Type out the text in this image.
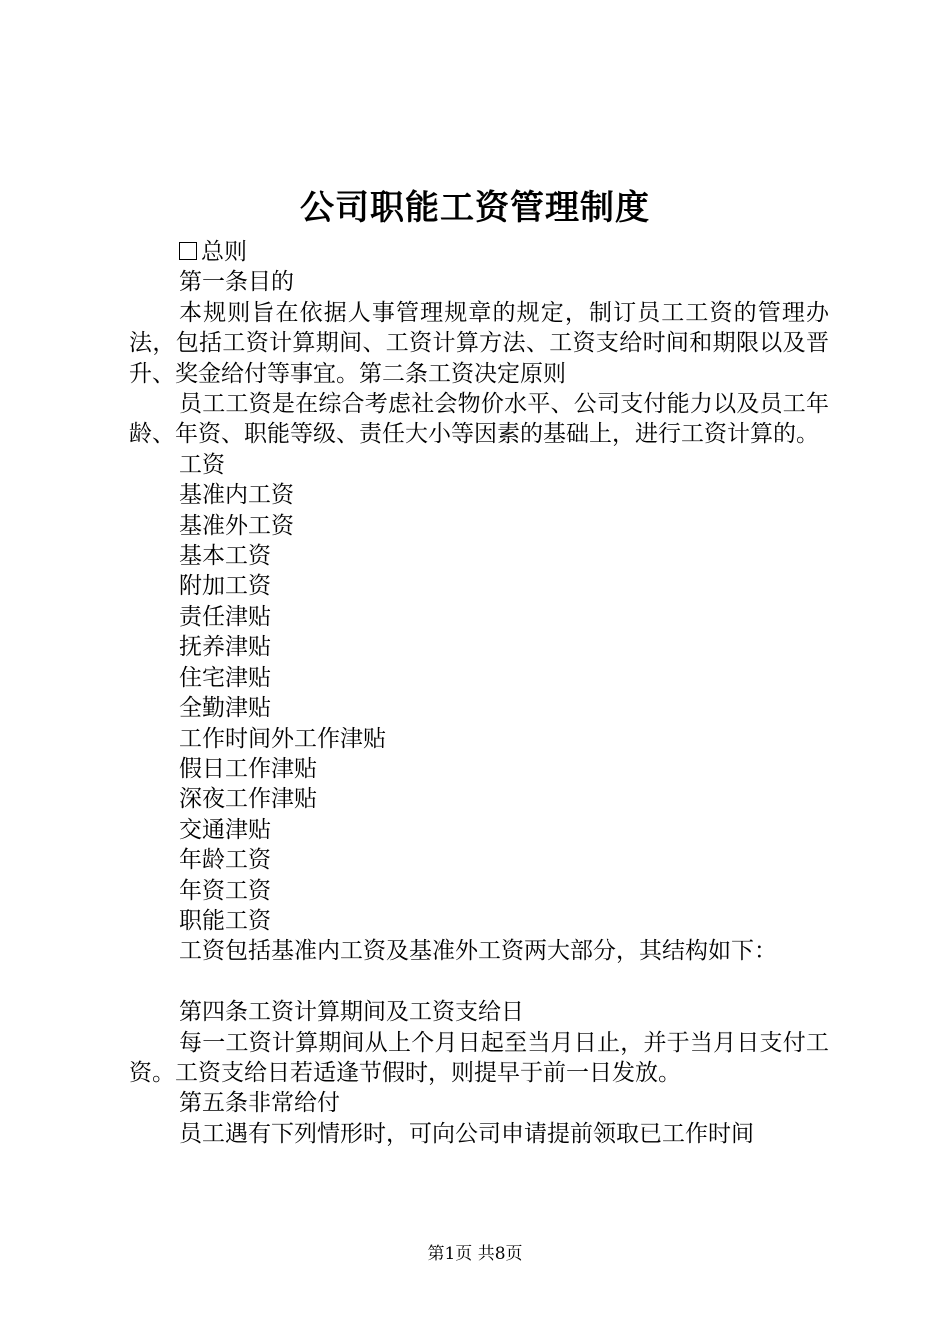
公司职能工资管理制度

总则

第一条目的

本规则旨在依据人事管理规章的规定，制订员工工资的管理办法，包括工资计算期间、工资计算方法、工资支给时间和期限以及晋升、奖金给付等事宜。第二条工资决定原则

员工工资是在综合考虑社会物价水平、公司支付能力以及员工年龄、年资、职能等级、责任大小等因素的基础上，进行工资计算的。

工资

基准内工资

基准外工资

基本工资

附加工资

责任津贴

抚养津贴

住宅津贴

全勤津贴

工作时间外工作津贴

假日工作津贴

深夜工作津贴

交通津贴

年龄工资

年资工资

职能工资

工资包括基准内工资及基准外工资两大部分，其结构如下：

第四条工资计算期间及工资支给日

每一工资计算期间从上个月日起至当月日止，并于当月日支付工资。工资支给日若适逢节假时，则提早于前一日发放。

第五条非常给付

员工遇有下列情形时，可向公司申请提前领取已工作时间

第1页 共8页
